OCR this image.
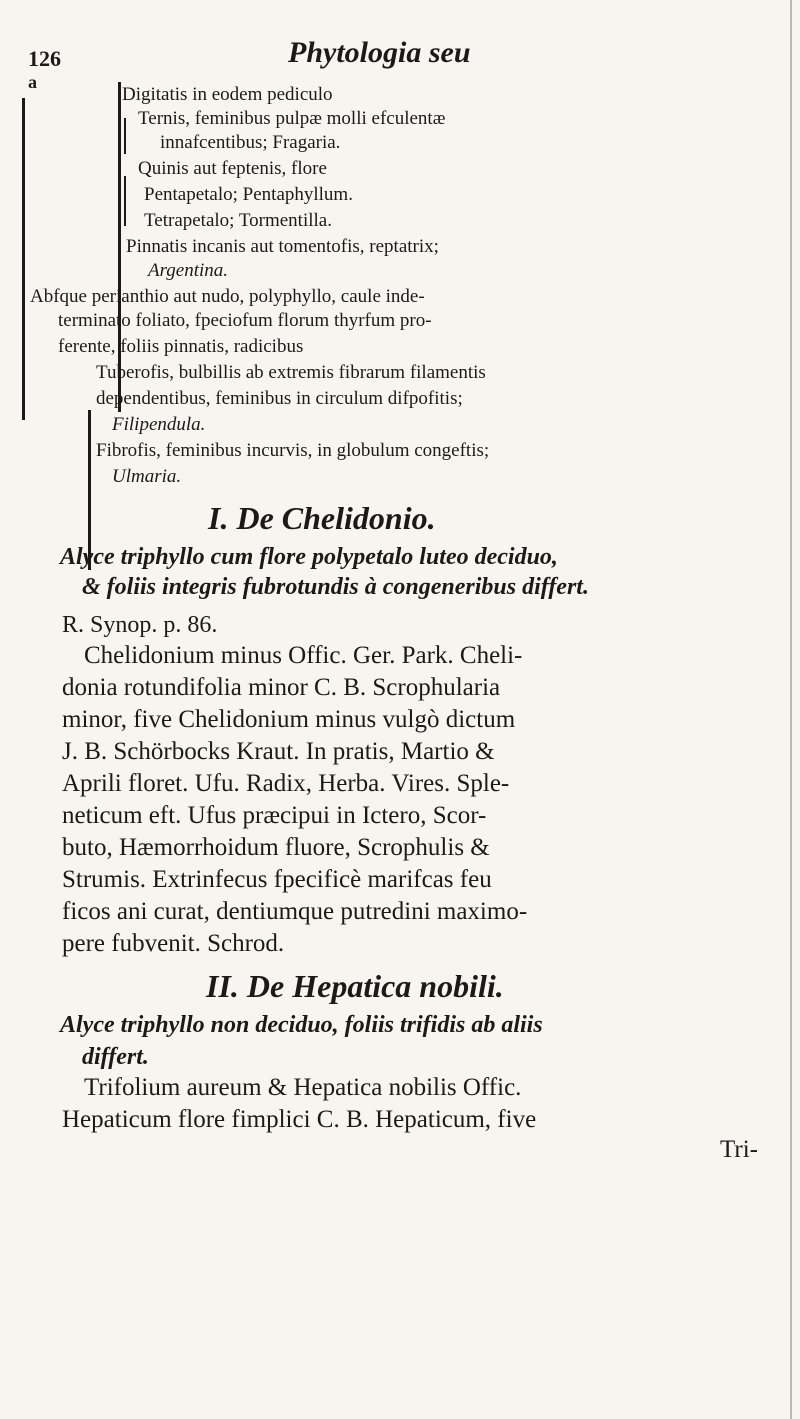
126	Phytologia seu
a
Digitatis in eodem pediculo
Ternis, feminibus pulpæ molli efculentæ
innafcentibus; Fragaria.
Quinis aut feptenis, flore
Pentapetalo; Pentaphyllum.
Tetrapetalo; Tormentilla.
Pinnatis incanis aut tomentofis, reptatrix;
Argentina.
Abfque perianthio aut nudo, polyphyllo, caule inde-
terminato foliato, fpeciofum florum thyrfum pro-
ferente, foliis pinnatis, radicibus
Tuberofis, bulbillis ab extremis fibrarum filamentis
dependentibus, feminibus in circulum difpofitis;
Filipendula.
Fibrofis, feminibus incurvis, in globulum congeftis;
Ulmaria.
I. De Chelidonio.
Alyce triphyllo cum flore polypetalo luteo deciduo,
& foliis integris fubrotundis à congeneribus differt.
R. Synop. p. 86.
Chelidonium minus Offic. Ger. Park. Cheli-
donia rotundifolia minor C. B. Scrophularia
minor, five Chelidonium minus vulgò dictum
J. B. Schörbocks Kraut. In pratis, Martio &
Aprili floret. Ufu. Radix, Herba. Vires. Sple-
neticum eft. Ufus præcipui in Ictero, Scor-
buto, Hæmorrhoidum fluore, Scrophulis &
Strumis. Extrinfecus fpecificè marifcas feu
ficos ani curat, dentiumque putredini maximo-
pere fubvenit. Schrod.
II. De Hepatica nobili.
Alyce triphyllo non deciduo, foliis trifidis ab aliis
differt.
Trifolium aureum & Hepatica nobilis Offic.
Hepaticum flore fimplici C. B. Hepaticum, five
Tri-
